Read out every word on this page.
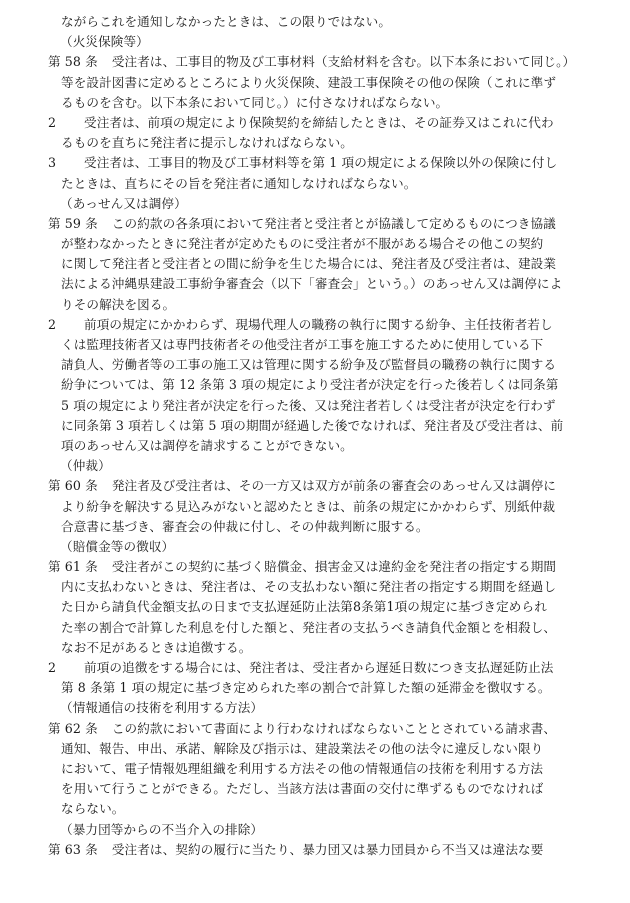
ながらこれを通知しなかったときは、この限りではない。
（火災保険等）
第 58 条 受注者は、工事目的物及び工事材料（支給材料を含む。以下本条において同じ。）
等を設計図書に定めるところにより火災保険、建設工事保険その他の保険（これに準ず
るものを含む。以下本条において同じ。）に付さなければならない。
2 受注者は、前項の規定により保険契約を締結したときは、その証券又はこれに代わ
るものを直ちに発注者に提示しなければならない。
3 受注者は、工事目的物及び工事材料等を第 1 項の規定による保険以外の保険に付し
たときは、直ちにその旨を発注者に通知しなければならない。
（あっせん又は調停）
第 59 条 この約款の各条項において発注者と受注者とが協議して定めるものにつき協議
が整わなかったときに発注者が定めたものに受注者が不服がある場合その他この契約
に関して発注者と受注者との間に紛争を生じた場合には、発注者及び受注者は、建設業
法による沖縄県建設工事紛争審査会（以下「審査会」という。）のあっせん又は調停によ
りその解決を図る。
2 前項の規定にかかわらず、現場代理人の職務の執行に関する紛争、主任技術者若し
くは監理技術者又は専門技術者その他受注者が工事を施工するために使用している下
請負人、労働者等の工事の施工又は管理に関する紛争及び監督員の職務の執行に関する
紛争については、第 12 条第 3 項の規定により受注者が決定を行った後若しくは同条第
5 項の規定により発注者が決定を行った後、又は発注者若しくは受注者が決定を行わず
に同条第 3 項若しくは第 5 項の期間が経過した後でなければ、発注者及び受注者は、前
項のあっせん又は調停を請求することができない。
（仲裁）
第 60 条 発注者及び受注者は、その一方又は双方が前条の審査会のあっせん又は調停に
より紛争を解決する見込みがないと認めたときは、前条の規定にかかわらず、別紙仲裁
合意書に基づき、審査会の仲裁に付し、その仲裁判断に服する。
（賠償金等の徴収）
第 61 条 受注者がこの契約に基づく賠償金、損害金又は違約金を発注者の指定する期間
内に支払わないときは、発注者は、その支払わない額に発注者の指定する期間を経過し
た日から請負代金額支払の日まで支払遅延防止法第8条第1項の規定に基づき定められ
た率の割合で計算した利息を付した額と、発注者の支払うべき請負代金額とを相殺し、
なお不足があるときは追徴する。
2 前項の追徴をする場合には、発注者は、受注者から遅延日数につき支払遅延防止法
第 8 条第 1 項の規定に基づき定められた率の割合で計算した額の延滞金を徴収する。
（情報通信の技術を利用する方法）
第 62 条 この約款において書面により行わなければならないこととされている請求書、
通知、報告、申出、承諾、解除及び指示は、建設業法その他の法令に違反しない限り
において、電子情報処理組織を利用する方法その他の情報通信の技術を利用する方法
を用いて行うことができる。ただし、当該方法は書面の交付に準ずるものでなければ
ならない。
（暴力団等からの不当介入の排除）
第 63 条 受注者は、契約の履行に当たり、暴力団又は暴力団員から不当又は違法な要
